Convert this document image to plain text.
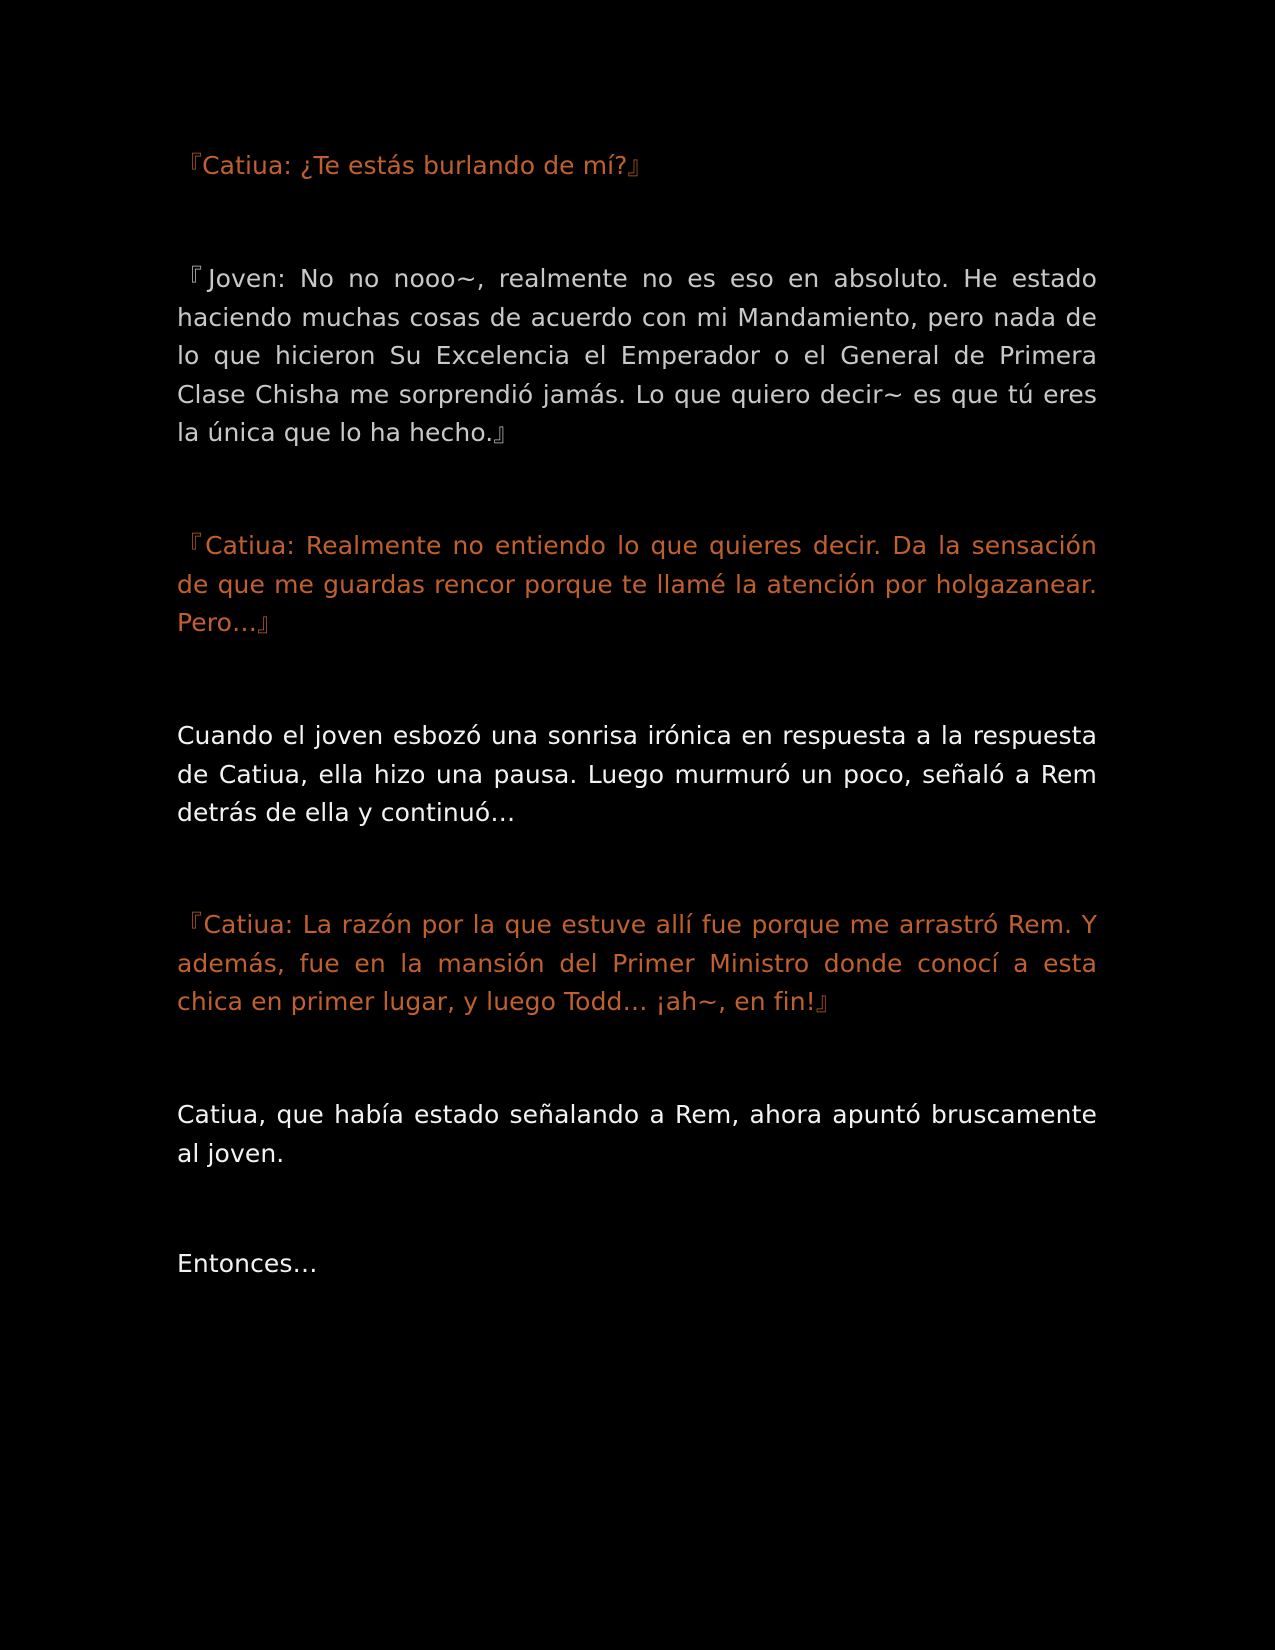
『Catiua: ¿Te estás burlando de mí?』

『Joven: No no nooo~, realmente no es eso en absoluto. He estado haciendo muchas cosas de acuerdo con mi Mandamiento, pero nada de lo que hicieron Su Excelencia el Emperador o el General de Primera Clase Chisha me sorprendió jamás. Lo que quiero decir~ es que tú eres la única que lo ha hecho.』

『Catiua: Realmente no entiendo lo que quieres decir. Da la sensación de que me guardas rencor porque te llamé la atención por holgazanear. Pero…』

Cuando el joven esbozó una sonrisa irónica en respuesta a la respuesta de Catiua, ella hizo una pausa. Luego murmuró un poco, señaló a Rem detrás de ella y continuó…

『Catiua: La razón por la que estuve allí fue porque me arrastró Rem. Y además, fue en la mansión del Primer Ministro donde conocí a esta chica en primer lugar, y luego Todd… ¡ah~, en fin!』

Catiua, que había estado señalando a Rem, ahora apuntó bruscamente al joven.

Entonces…
